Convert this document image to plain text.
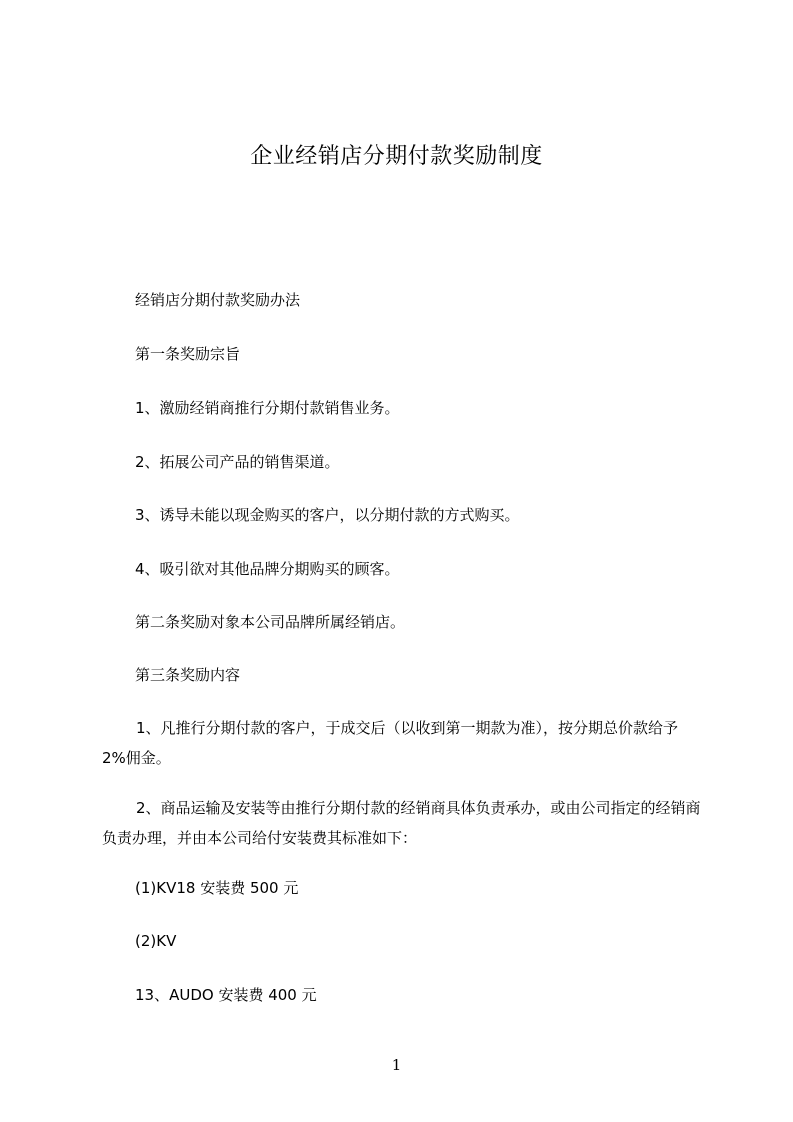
企业经销店分期付款奖励制度
经销店分期付款奖励办法
第一条奖励宗旨
1、激励经销商推行分期付款销售业务。
2、拓展公司产品的销售渠道。
3、诱导未能以现金购买的客户，以分期付款的方式购买。
4、吸引欲对其他品牌分期购买的顾客。
第二条奖励对象本公司品牌所属经销店。
第三条奖励内容
1、凡推行分期付款的客户，于成交后（以收到第一期款为准），按分期总价款给予 2%佣金。
2、商品运输及安装等由推行分期付款的经销商具体负责承办，或由公司指定的经销商负责办理，并由本公司给付安装费其标准如下：
(1)KV18 安装费 500 元
(2)KV
13、AUDO 安装费 400 元
1
